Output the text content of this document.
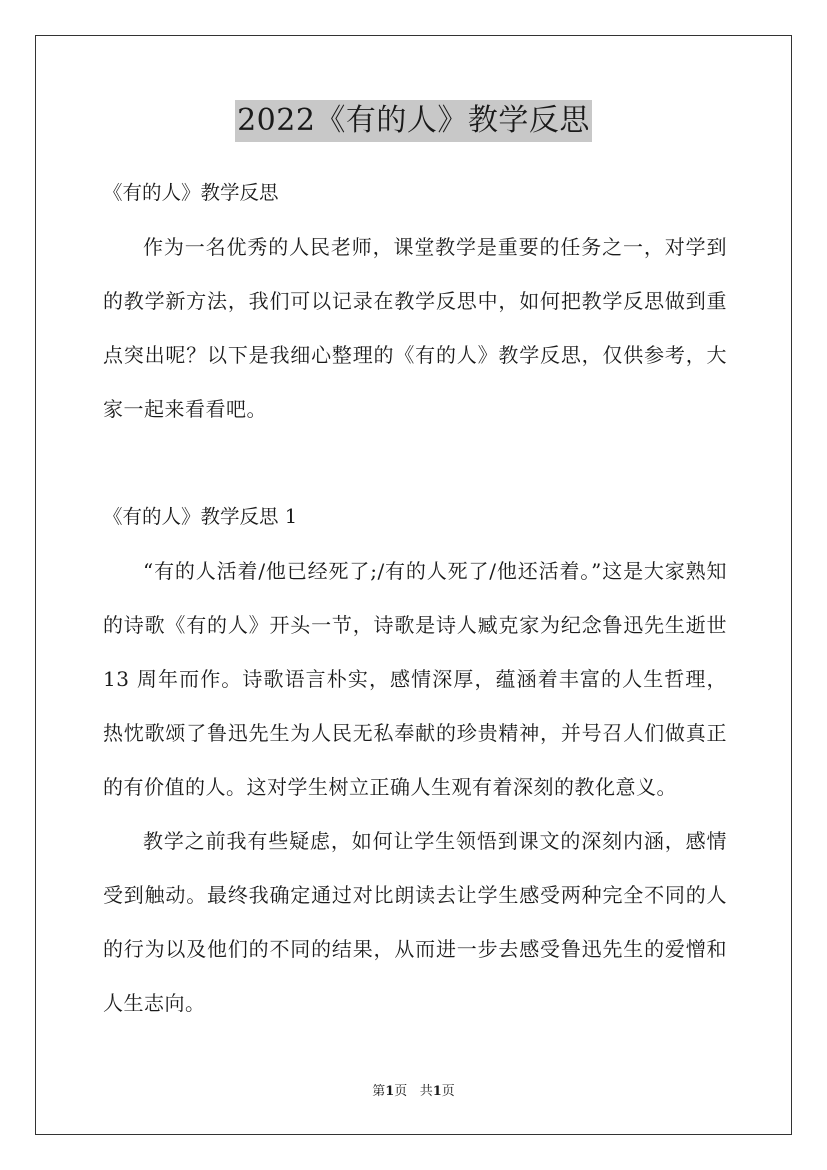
2022《有的人》教学反思

《有的人》教学反思

作为一名优秀的人民老师，课堂教学是重要的任务之一，对学到的教学新方法，我们可以记录在教学反思中，如何把教学反思做到重点突出呢？以下是我细心整理的《有的人》教学反思，仅供参考，大家一起来看看吧。

《有的人》教学反思 1

“有的人活着/他已经死了;/有的人死了/他还活着。”这是大家熟知的诗歌《有的人》开头一节，诗歌是诗人臧克家为纪念鲁迅先生逝世 13 周年而作。诗歌语言朴实，感情深厚，蕴涵着丰富的人生哲理，热忱歌颂了鲁迅先生为人民无私奉献的珍贵精神，并号召人们做真正的有价值的人。这对学生树立正确人生观有着深刻的教化意义。

教学之前我有些疑虑，如何让学生领悟到课文的深刻内涵，感情受到触动。最终我确定通过对比朗读去让学生感受两种完全不同的人的行为以及他们的不同的结果，从而进一步去感受鲁迅先生的爱憎和人生志向。

第1页 共1页
